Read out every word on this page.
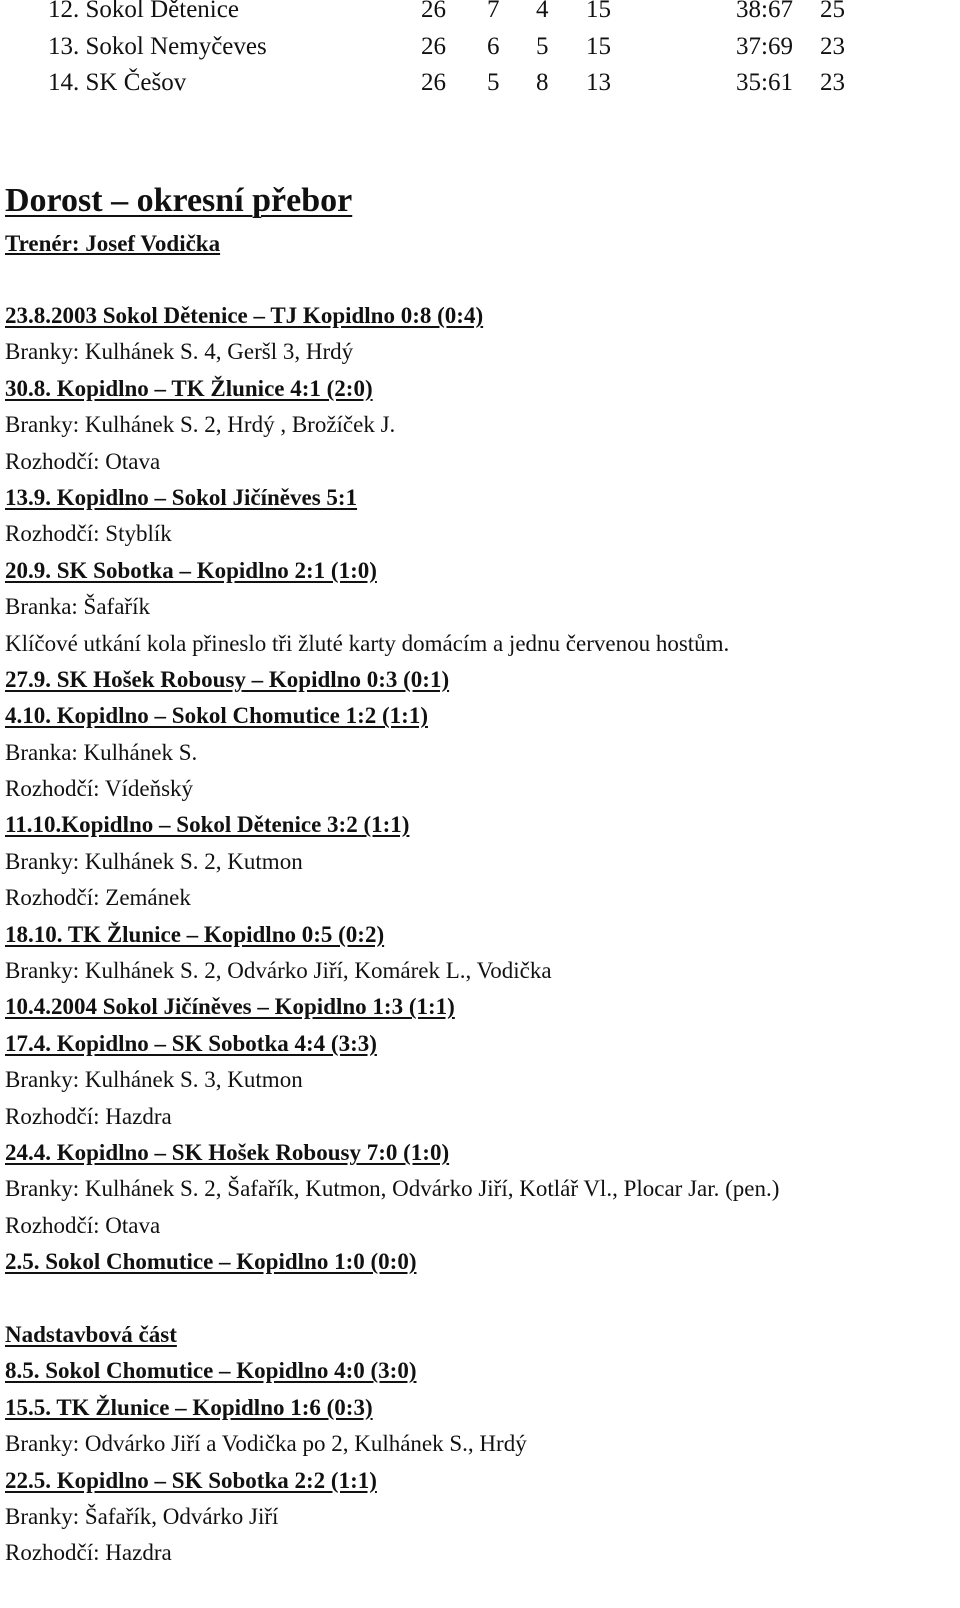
12. Sokol Dětenice	26 7 4 15	38:67 25
13. Sokol Nemyčeves	26 6 5 15	37:69 23
14. SK Češov	26 5 8 13	35:61 23
Dorost – okresní přebor
Trenér: Josef Vodička
23.8.2003 Sokol Dětenice – TJ Kopidlno 0:8 (0:4)
Branky: Kulhánek S. 4, Geršl 3, Hrdý
30.8. Kopidlno – TK Žlunice 4:1 (2:0)
Branky: Kulhánek S. 2, Hrdý , Brožíček J.
Rozhodčí: Otava
13.9. Kopidlno – Sokol Jičíněves 5:1
Rozhodčí: Styblík
20.9. SK Sobotka – Kopidlno 2:1 (1:0)
Branka: Šafařík
Klíčové utkání kola přineslo tři žluté karty domácím a jednu červenou hostům.
27.9. SK Hošek Robousy – Kopidlno 0:3 (0:1)
4.10. Kopidlno – Sokol Chomutice 1:2 (1:1)
Branka: Kulhánek S.
Rozhodčí: Vídeňský
11.10.Kopidlno – Sokol Dětenice 3:2 (1:1)
Branky: Kulhánek S. 2, Kutmon
Rozhodčí: Zemánek
18.10. TK Žlunice – Kopidlno 0:5 (0:2)
Branky: Kulhánek S. 2, Odvárko Jiří, Komárek L., Vodička
10.4.2004 Sokol Jičíněves – Kopidlno 1:3 (1:1)
17.4. Kopidlno – SK Sobotka 4:4 (3:3)
Branky: Kulhánek S. 3, Kutmon
Rozhodčí: Hazdra
24.4. Kopidlno – SK Hošek Robousy 7:0 (1:0)
Branky: Kulhánek S. 2, Šafařík, Kutmon, Odvárko Jiří, Kotlář Vl., Plocar Jar. (pen.)
Rozhodčí: Otava
2.5. Sokol Chomutice – Kopidlno 1:0 (0:0)
Nadstavbová část
8.5. Sokol Chomutice – Kopidlno 4:0 (3:0)
15.5. TK Žlunice – Kopidlno 1:6 (0:3)
Branky: Odvárko Jiří a Vodička po 2, Kulhánek S., Hrdý
22.5. Kopidlno – SK Sobotka 2:2 (1:1)
Branky: Šafařík, Odvárko Jiří
Rozhodčí: Hazdra
